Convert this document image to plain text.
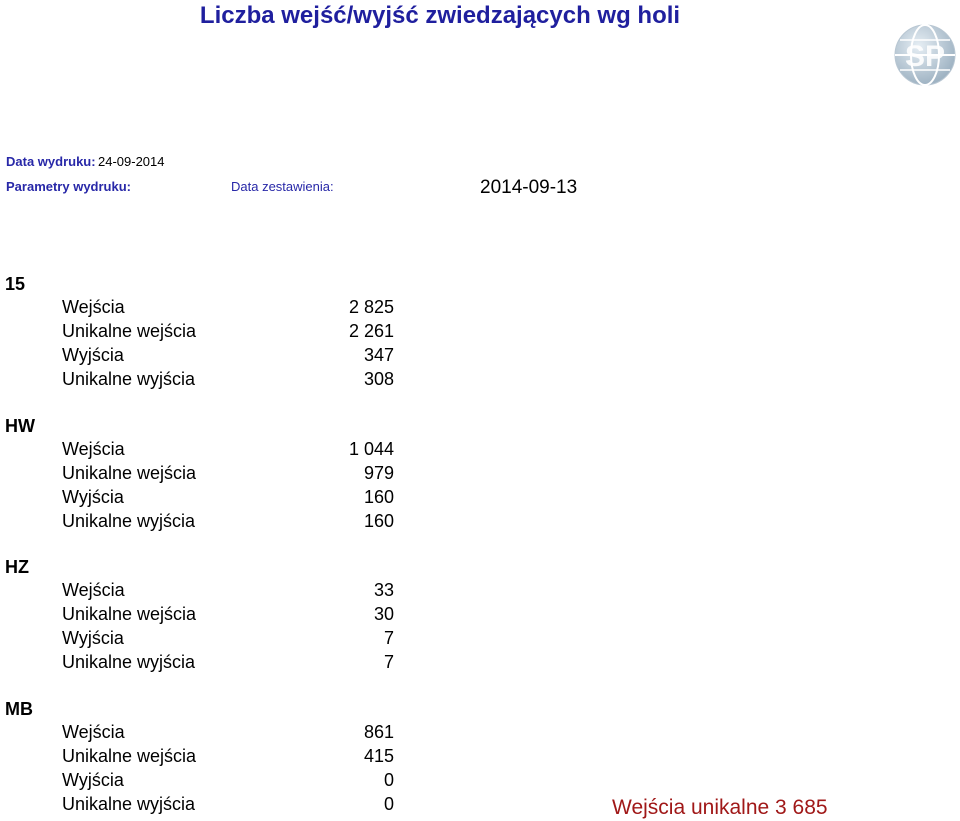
Liczba wejść/wyjść zwiedzających wg holi
SP
Data wydruku: 24-09-2014
Parametry wydruku:	Data zestawienia:	2014-09-13
15
Wejścia	2 825
Unikalne wejścia	2 261
Wyjścia	347
Unikalne wyjścia	308
HW
Wejścia	1 044
Unikalne wejścia	979
Wyjścia	160
Unikalne wyjścia	160
HZ
Wejścia	33
Unikalne wejścia	30
Wyjścia	7
Unikalne wyjścia	7
MB
Wejścia	861
Unikalne wejścia	415
Wyjścia	0
Unikalne wyjścia	0	Wejścia unikalne 3 685
